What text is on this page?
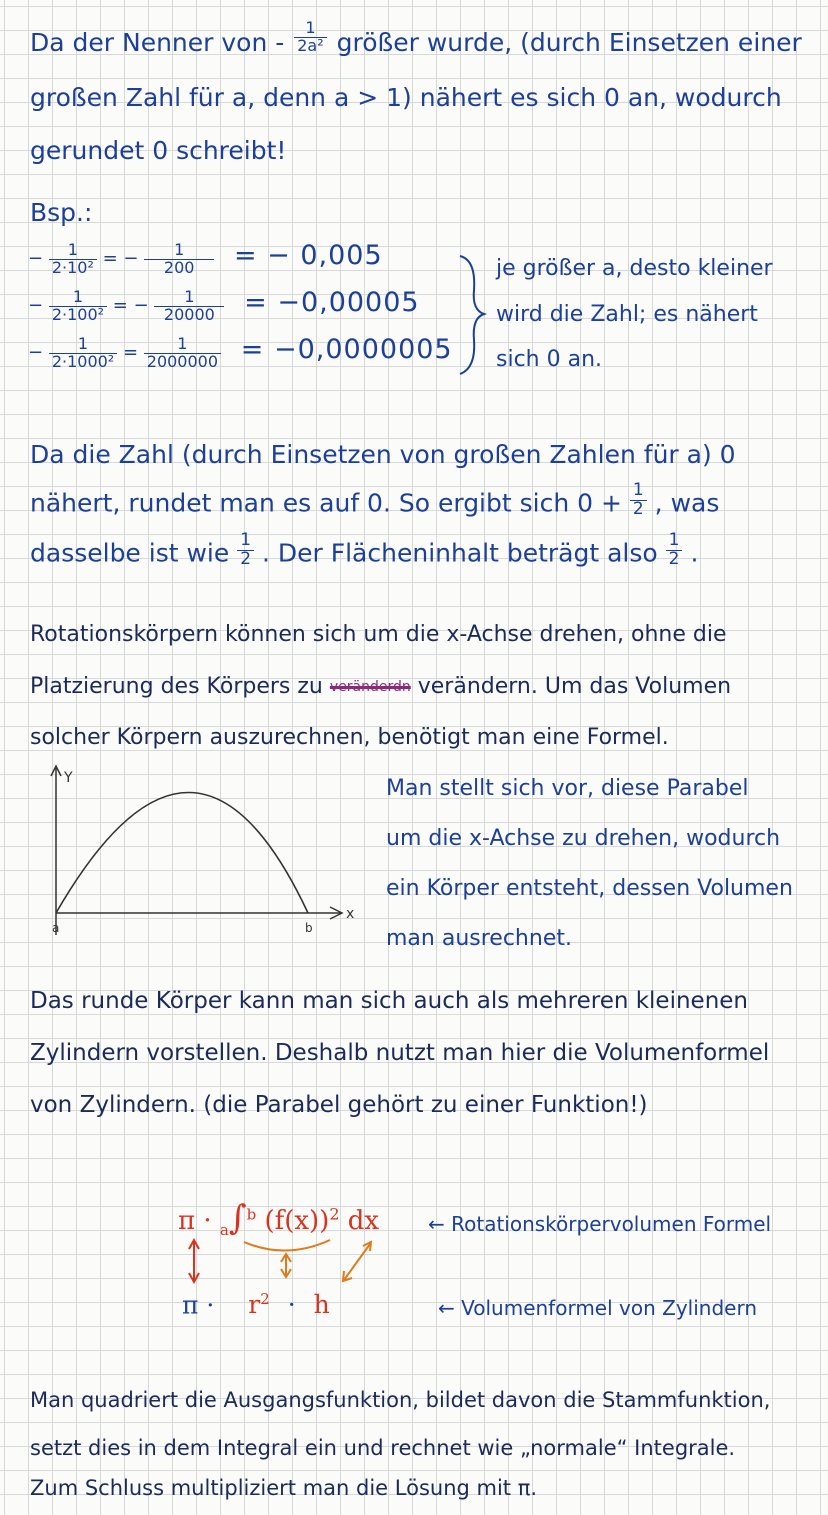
Da der Nenner von - $\frac{1}{\text{2a²}}$ größer wurde, (durch Einsetzen einer
großen Zahl für a, denn a > 1) nähert es sich 0 an, wodurch
gerundet 0 schreibt!
Bsp.:
− $\frac{1}{\text{2·10²}}$ = − $\frac{1}{200}$ = − 0,005
− $\frac{1}{\text{2·100²}}$ = − $\frac{1}{20000} = -0,00005$
− $\frac{1}{\text{2·1000²}} = \frac{1}{2000000} = -0,0000005$
je größer a, desto kleiner
wird die Zahl; es nähert
sich 0 an.
Da die Zahl (durch Einsetzen von großen Zahlen für a) 0
nähert, rundet man es auf 0. So ergibt sich $0 + \frac{1}{2}$ , was
dasselbe ist wie $\frac{1}{2}$ . Der Flächeninhalt beträgt also $\frac{1}{2}$ .
Rotationskörpern können sich um die x-Achse drehen, ohne die
Platzierung des Körpers zu veränderdn verändern. Um das Volumen
solcher Körpern auszurechnen, benötigt man eine Formel.
Y
x
a	b
Man stellt sich vor, diese Parabel
um die x-Achse zu drehen, wodurch
ein Körper entsteht, dessen Volumen
man ausrechnet.
Das runde Körper kann man sich auch als mehreren kleinenen
Zylindern vorstellen. Deshalb nutzt man hier die Volumenformel
von Zylindern. (die Parabel gehört zu einer Funktion!)
π · $_a$∫$^b$ $(f(x))^2$ dx ← Rotationskörpervolumen Formel
$\pi \cdot r^2 \cdot h$	← Volumenformel von Zylindern
Man quadriert die Ausgangsfunktion, bildet davon die Stammfunktion,
setzt dies in dem Integral ein und rechnet wie „normale“ Integrale.
Zum Schluss multipliziert man die Lösung mit π.
